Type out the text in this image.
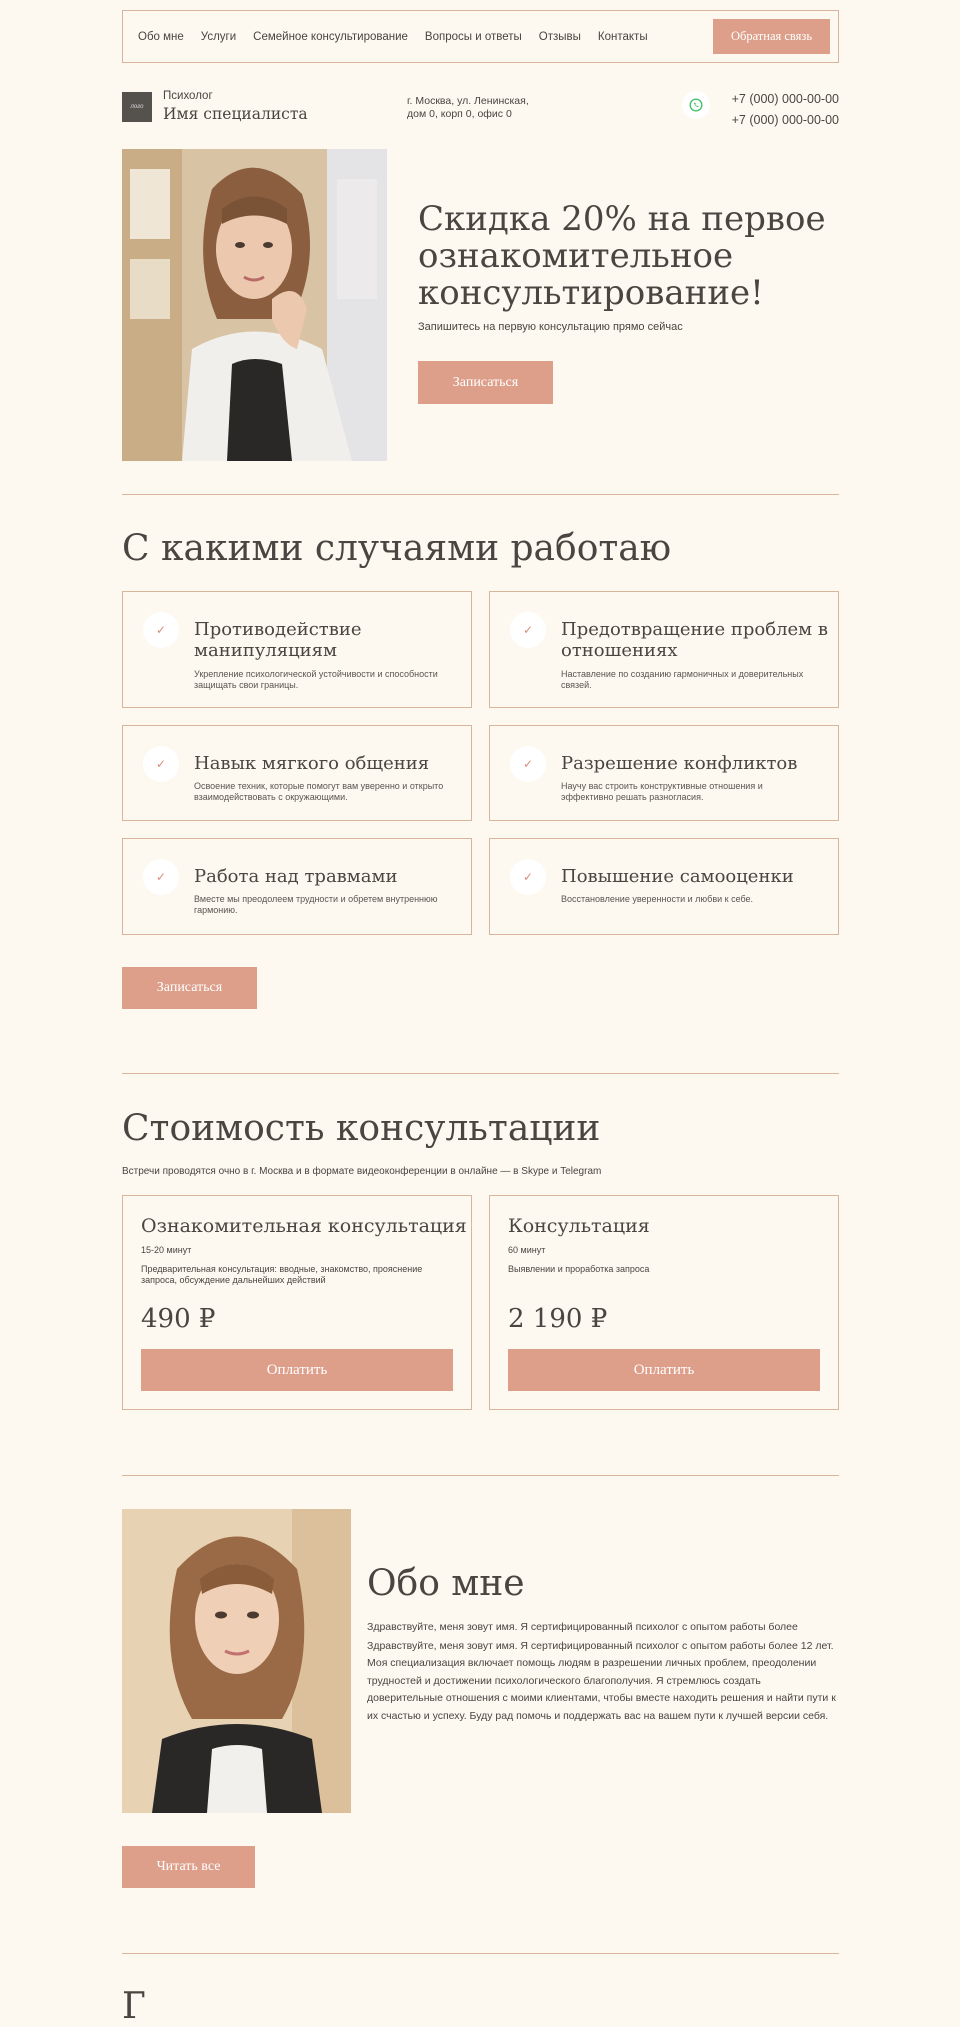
Обо мне Услуги Семейное консультирование Вопросы и ответы Отзывы Контакты	Обратная связь
лого
Психолог
Имя специалиста
г. Москва, ул. Ленинская,
дом 0, корп 0, офис 0
+7 (000) 000-00-00
+7 (000) 000-00-00
Скидка 20% на первое ознакомительное консультирование!
Запишитесь на первую консультацию прямо сейчас
Записаться
С какими случаями работаю
✓	Противодействие манипуляциям
Укрепление психологической устойчивости и способности защищать свои границы.
✓	Предотвращение проблем в отношениях
Наставление по созданию гармоничных и доверительных связей.
✓	Навык мягкого общения
Освоение техник, которые помогут вам уверенно и открыто взаимодействовать с окружающими.
✓	Разрешение конфликтов
Научу вас строить конструктивные отношения и эффективно решать разногласия.
✓	Работа над травмами
Вместе мы преодолеем трудности и обретем внутреннюю гармонию.
✓	Повышение самооценки
Восстановление уверенности и любви к себе.
Записаться
Стоимость консультации
Встречи проводятся очно в г. Москва и в формате видеоконференции в онлайне — в Skype и Telegram
Ознакомительная консультация
15-20 минут
Предварительная консультация: вводные, знакомство, прояснение запроса, обсуждение дальнейших действий
490 ₽
Оплатить
Консультация
60 минут
Выявлении и проработка запроса
2 190 ₽
Оплатить
Обо мне
Здравствуйте, меня зовут имя. Я сертифицированный психолог с опытом работы более
Здравствуйте, меня зовут имя. Я сертифицированный психолог с опытом работы более 12 лет. Моя специализация включает помощь людям в разрешении личных проблем, преодолении трудностей и достижении психологического благополучия. Я стремлюсь создать доверительные отношения с моими клиентами, чтобы вместе находить решения и найти пути к их счастью и успеху. Буду рад помочь и поддержать вас на вашем пути к лучшей версии себя.
Читать все
Г
